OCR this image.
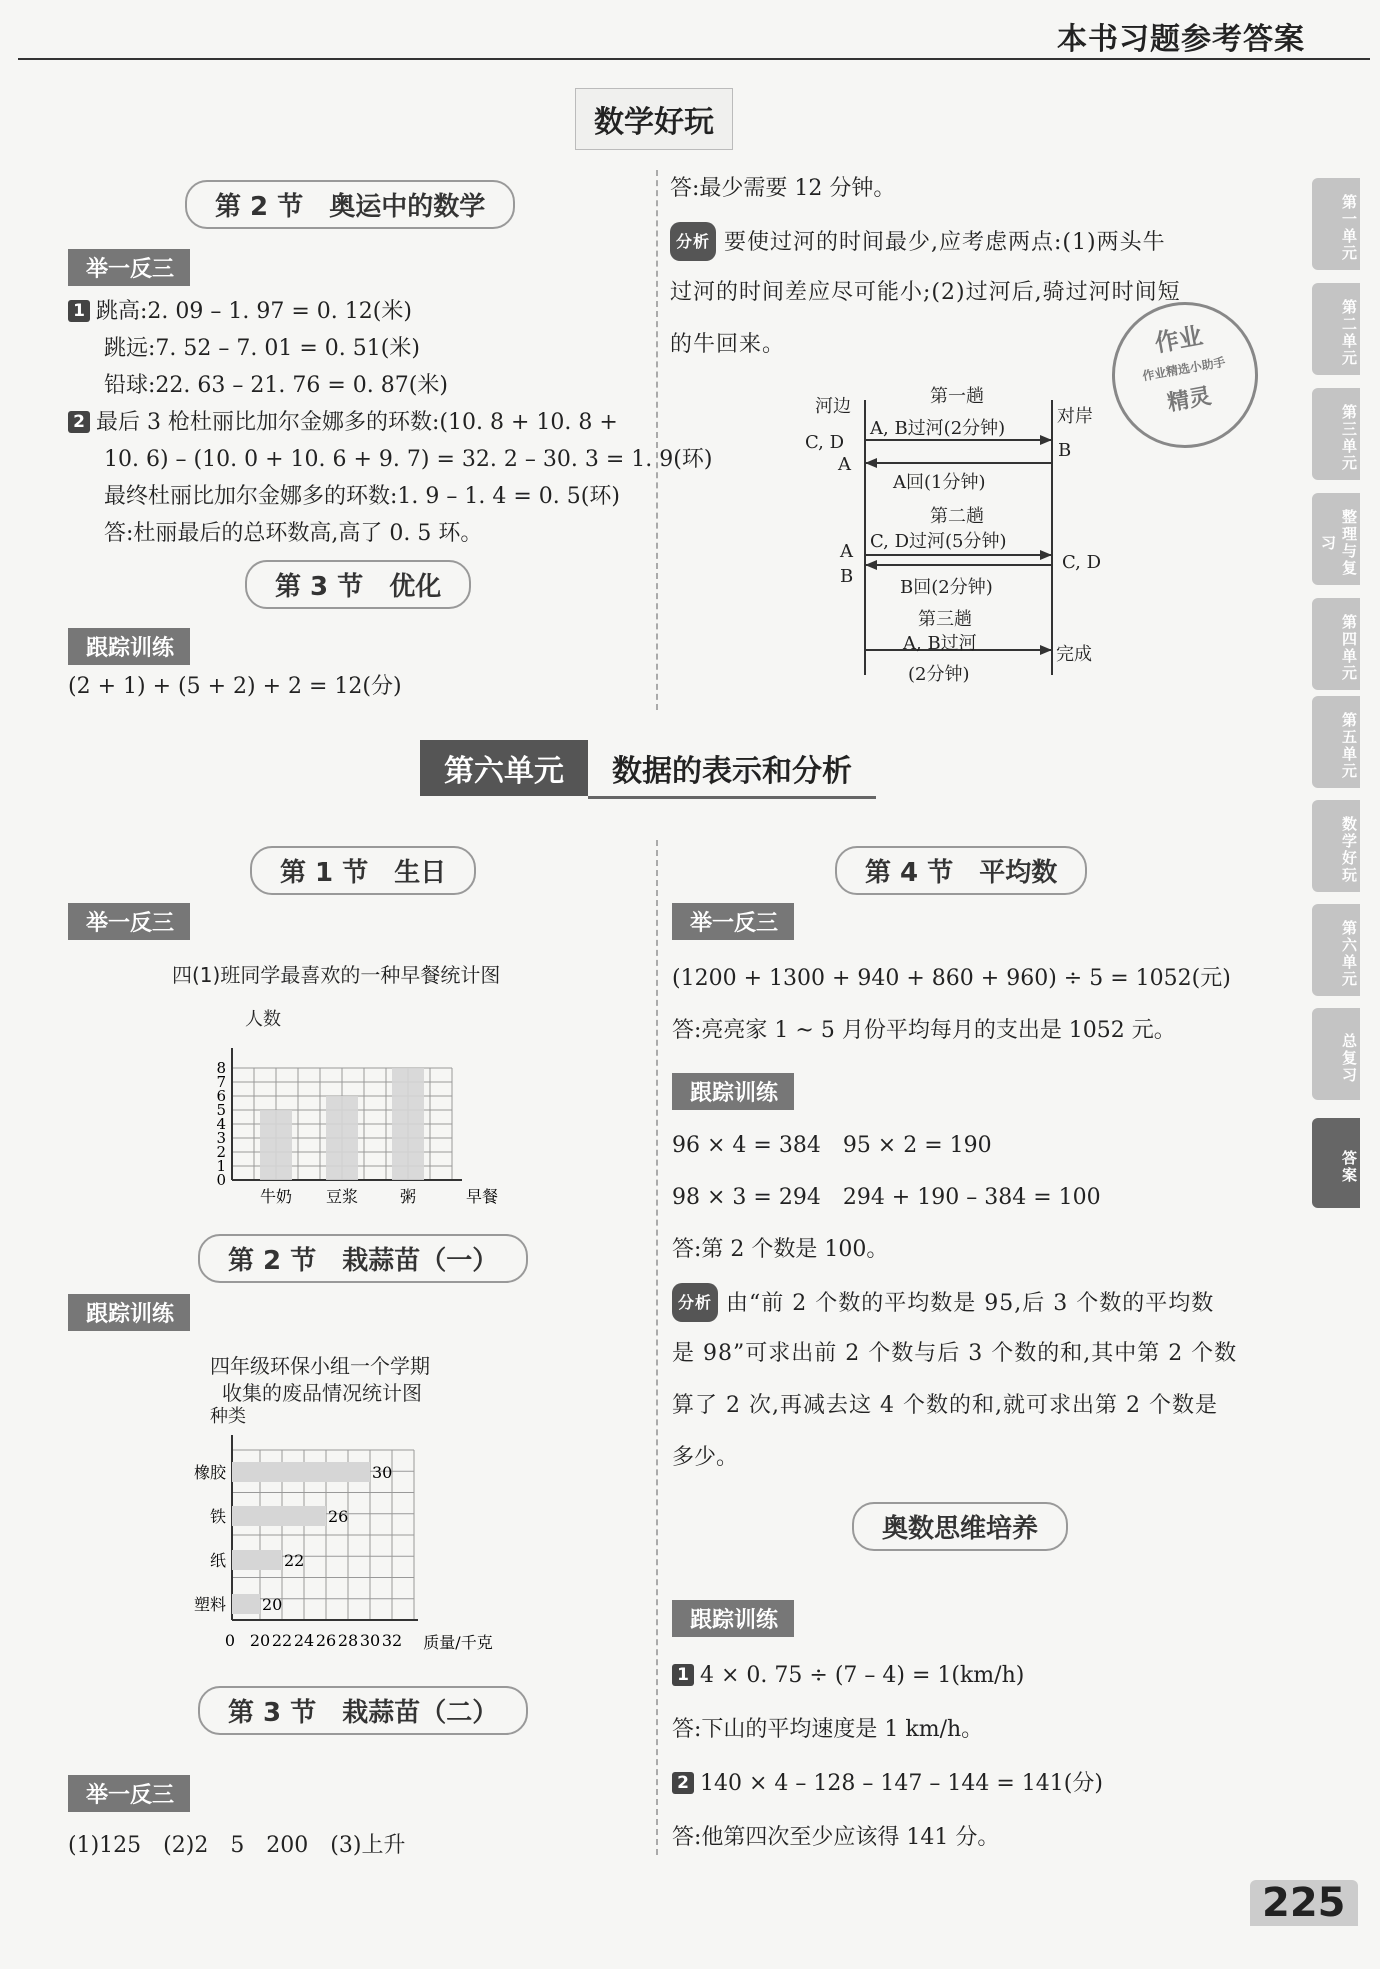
本书习题参考答案
第一单元
第二单元
第三单元
整理与复习
第四单元
第五单元
数学好玩
第六单元
总复习
答案
数学好玩
第 2 节　奥运中的数学
举一反三
1 跳高:2. 09 – 1. 97 = 0. 12(米)
跳远:7. 52 – 7. 01 = 0. 51(米)
铅球:22. 63 – 21. 76 = 0. 87(米)
2 最后 3 枪杜丽比加尔金娜多的环数:(10. 8 + 10. 8 +
10. 6) – (10. 0 + 10. 6 + 9. 7) = 32. 2 – 30. 3 = 1. 9(环)
最终杜丽比加尔金娜多的环数:1. 9 – 1. 4 = 0. 5(环)
答:杜丽最后的总环数高,高了 0. 5 环。
第 3 节　优化
跟踪训练
(2 + 1) + (5 + 2) + 2 = 12(分)
答:最少需要 12 分钟。
分析 要使过河的时间最少,应考虑两点:(1)两头牛
过河的时间差应尽可能小;(2)过河后,骑过河时间短
的牛回来。
河边	对岸
第一趟
A, B过河(2分钟)
A回(1分钟)
第二趟
C, D过河(5分钟)
B回(2分钟)
第三趟
A, B过河
(2分钟)
C, D
A
A
B
B
C, D
完成
作业
作业精选小助手
精灵
第六单元 数据的表示和分析
第 1 节　生日
举一反三
四(1)班同学最喜欢的一种早餐统计图
人数
0
1
2
3
4
5
6
7
8
牛奶 豆浆	粥	早餐
第 2 节　栽蒜苗（一）
跟踪训练
四年级环保小组一个学期
收集的废品情况统计图
种类
0 20 22 24 26 28 30 32 质量/千克
30
26
22
20
橡胶
铁
纸
塑料
第 3 节　栽蒜苗（二）
举一反三
(1)125　(2)2　5　200　(3)上升
第 4 节　平均数
举一反三
(1200 + 1300 + 940 + 860 + 960) ÷ 5 = 1052(元)
答:亮亮家 1 ~ 5 月份平均每月的支出是 1052 元。
跟踪训练
96 × 4 = 384　95 × 2 = 190
98 × 3 = 294　294 + 190 – 384 = 100
答:第 2 个数是 100。
分析 由“前 2 个数的平均数是 95,后 3 个数的平均数
是 98”可求出前 2 个数与后 3 个数的和,其中第 2 个数
算了 2 次,再减去这 4 个数的和,就可求出第 2 个数是
多少。
奥数思维培养
跟踪训练
1 4 × 0. 75 ÷ (7 – 4) = 1(km/h)
答:下山的平均速度是 1 km/h。
2 140 × 4 – 128 – 147 – 144 = 141(分)
答:他第四次至少应该得 141 分。
225
